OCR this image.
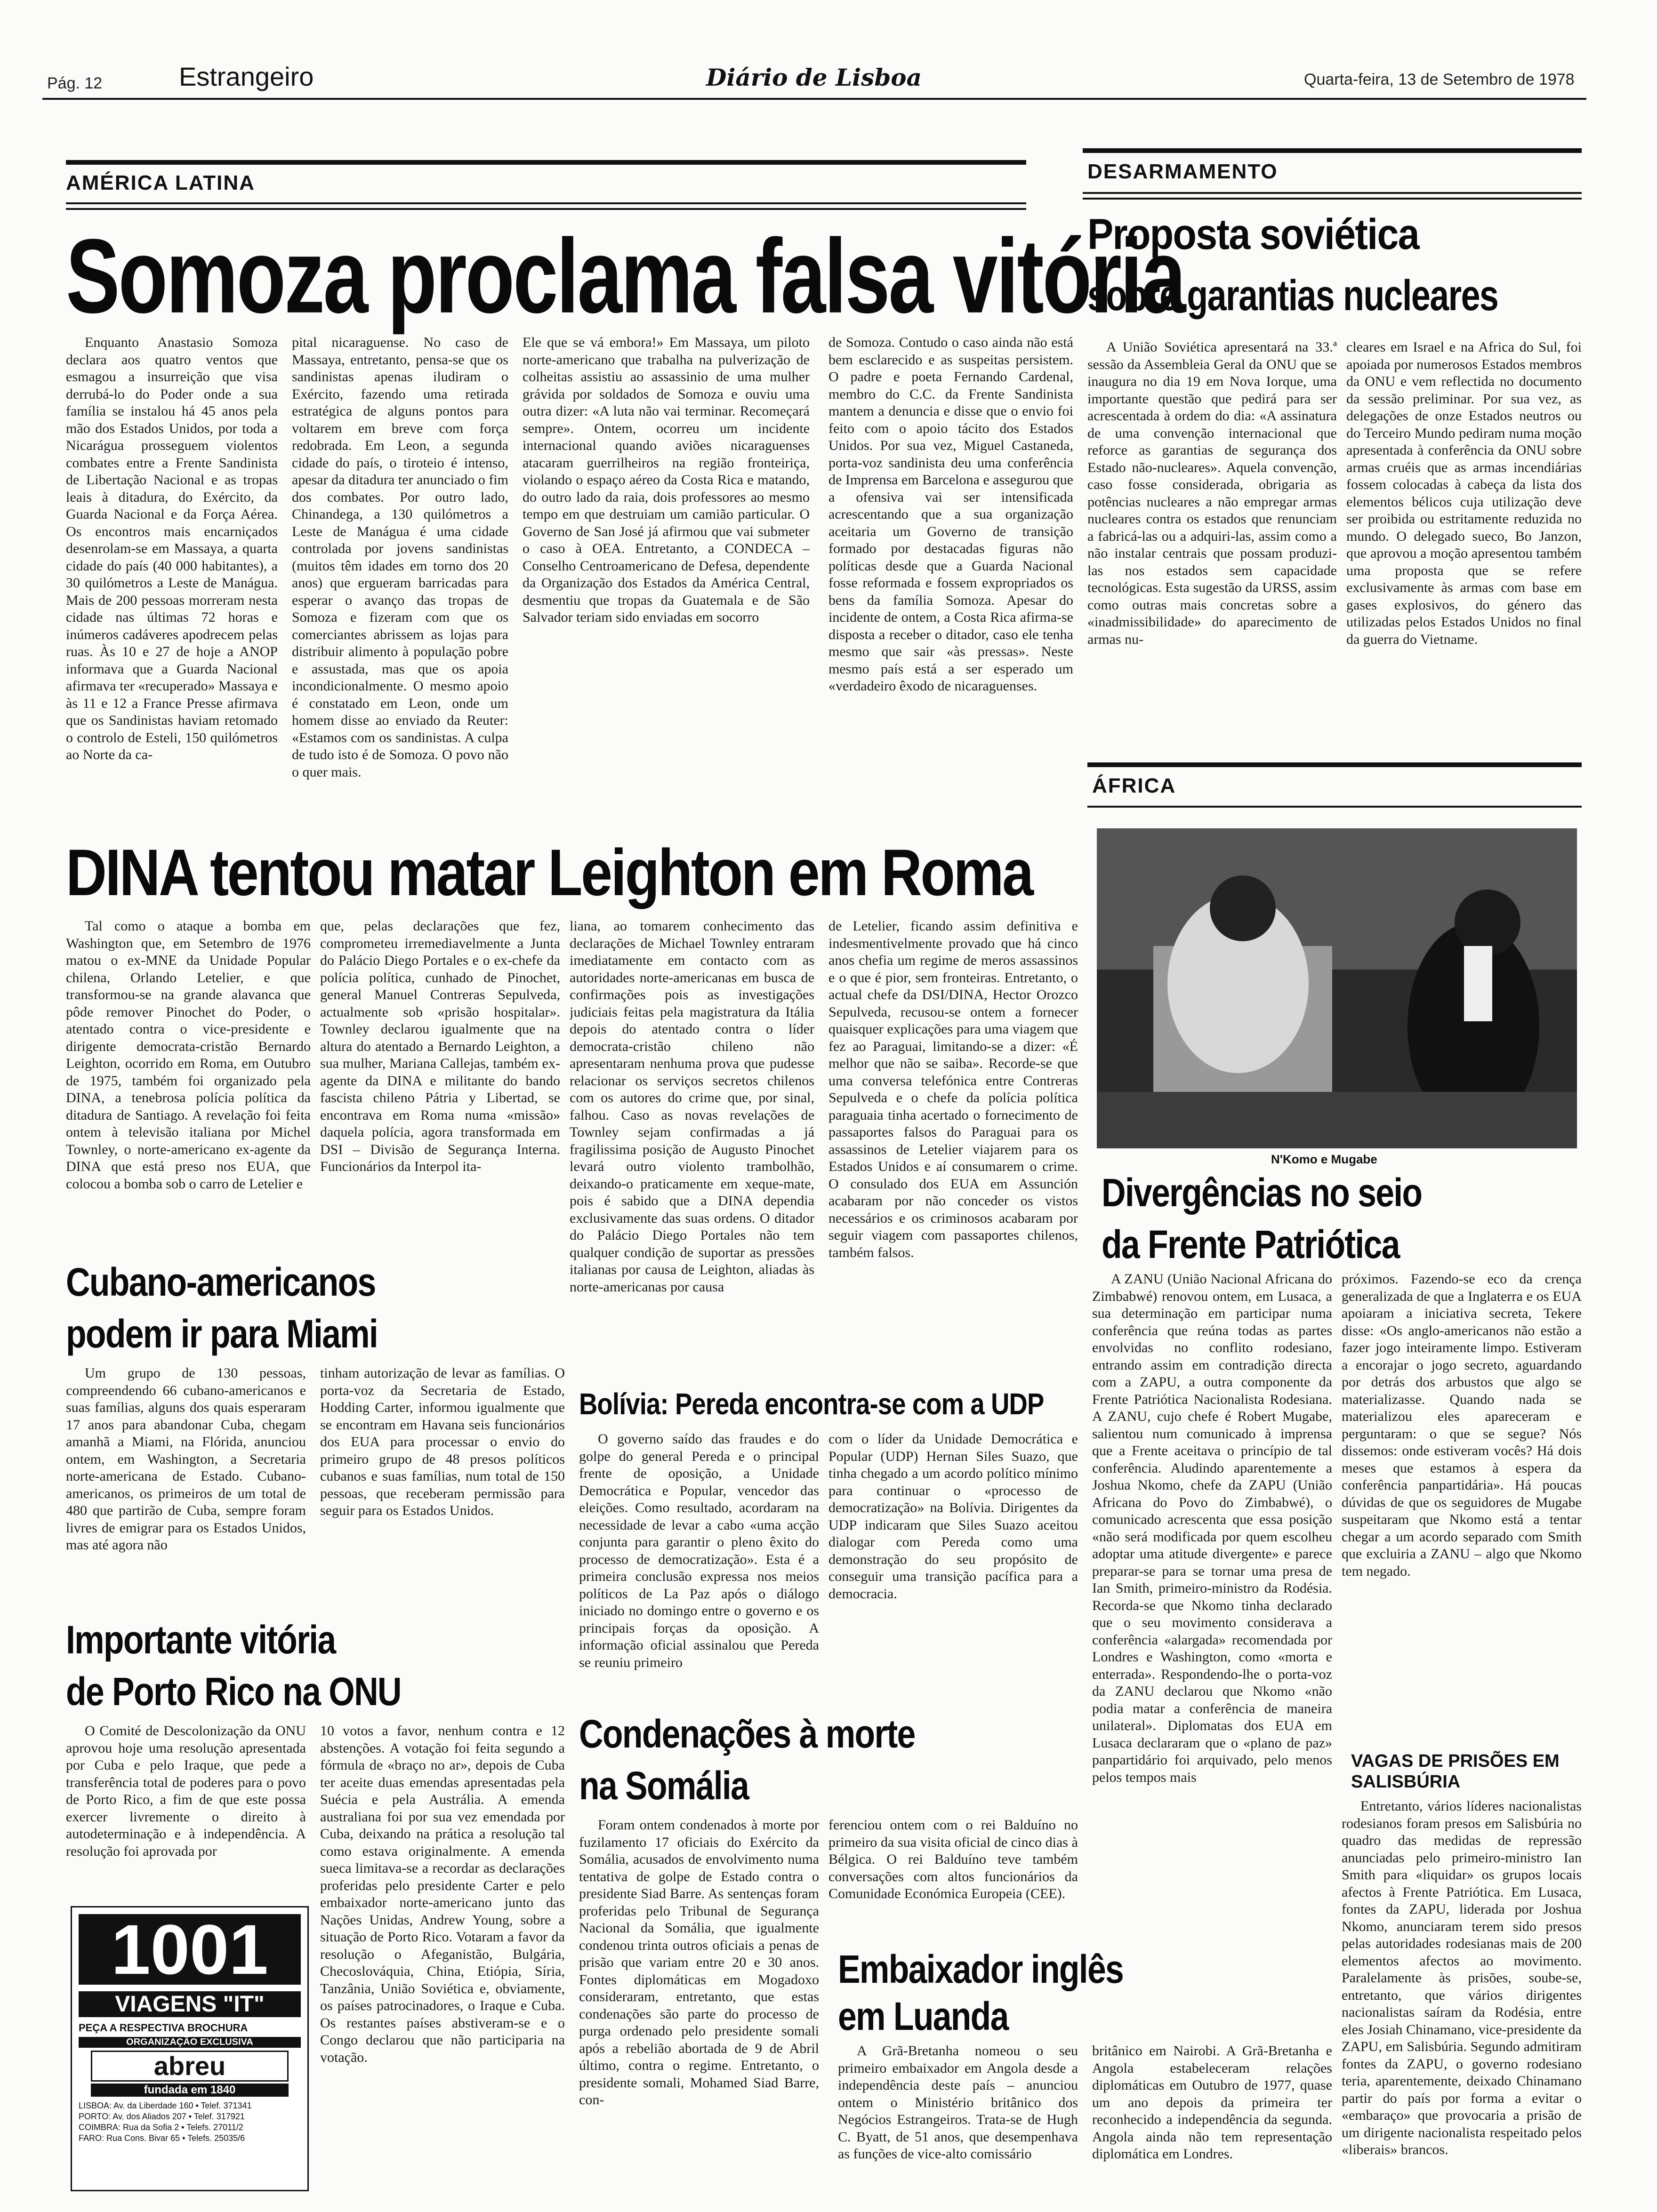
Pág. 12	Estrangeiro	Diário de Lisboa	Quarta-feira, 13 de Setembro de 1978
AMÉRICA LATINA
Somoza proclama falsa vitória

Enquanto Anastasio Somoza declara aos quatro ventos que esmagou a insurreição que visa derrubá-lo do Poder onde a sua família se instalou há 45 anos pela mão dos Estados Unidos, por toda a Nicarágua prosseguem violentos combates entre a Frente Sandinista de Libertação Nacional e as tropas leais à ditadura, do Exército, da Guarda Nacional e da Força Aérea. Os encontros mais encarniçados desenrolam-se em Massaya, a quarta cidade do país (40 000 habitantes), a 30 quilómetros a Leste de Manágua. Mais de 200 pessoas morreram nesta cidade nas últimas 72 horas e inúmeros cadáveres apodrecem pelas ruas. Às 10 e 27 de hoje a ANOP informava que a Guarda Nacional afirmava ter «recuperado» Massaya e às 11 e 12 a France Presse afirmava que os Sandinistas haviam retomado o controlo de Esteli, 150 quilómetros ao Norte da ca-

pital nicaraguense. No caso de Massaya, entretanto, pensa-se que os sandinistas apenas iludiram o Exército, fazendo uma retirada estratégica de alguns pontos para voltarem em breve com força redobrada. Em Leon, a segunda cidade do país, o tiroteio é intenso, apesar da ditadura ter anunciado o fim dos combates. Por outro lado, Chinandega, a 130 quilómetros a Leste de Manágua é uma cidade controlada por jovens sandinistas (muitos têm idades em torno dos 20 anos) que ergueram barricadas para esperar o avanço das tropas de Somoza e fizeram com que os comerciantes abrissem as lojas para distribuir alimento à população pobre e assustada, mas que os apoia incondicionalmente. O mesmo apoio é constatado em Leon, onde um homem disse ao enviado da Reuter: «Estamos com os sandinistas. A culpa de tudo isto é de Somoza. O povo não o quer mais.

Ele que se vá embora!» Em Massaya, um piloto norte-americano que trabalha na pulverização de colheitas assistiu ao assassinio de uma mulher grávida por soldados de Somoza e ouviu uma outra dizer: «A luta não vai terminar. Recomeçará sempre». Ontem, ocorreu um incidente internacional quando aviões nicaraguenses atacaram guerrilheiros na região fronteiriça, violando o espaço aéreo da Costa Rica e matando, do outro lado da raia, dois professores ao mesmo tempo em que destruiam um camião particular. O Governo de San José já afirmou que vai submeter o caso à OEA. Entretanto, a CONDECA – Conselho Centroamericano de Defesa, dependente da Organização dos Estados da América Central, desmentiu que tropas da Guatemala e de São Salvador teriam sido enviadas em socorro

de Somoza. Contudo o caso ainda não está bem esclarecido e as suspeitas persistem. O padre e poeta Fernando Cardenal, membro do C.C. da Frente Sandinista mantem a denuncia e disse que o envio foi feito com o apoio tácito dos Estados Unidos. Por sua vez, Miguel Castaneda, porta-voz sandinista deu uma conferência de Imprensa em Barcelona e assegurou que a ofensiva vai ser intensificada acrescentando que a sua organização aceitaria um Governo de transição formado por destacadas figuras não políticas desde que a Guarda Nacional fosse reformada e fossem expropriados os bens da família Somoza. Apesar do incidente de ontem, a Costa Rica afirma-se disposta a receber o ditador, caso ele tenha mesmo que sair «às pressas». Neste mesmo país está a ser esperado um «verdadeiro êxodo de nicaraguenses.

DESARMAMENTO
Proposta soviética
sobre garantias nucleares

A União Soviética apresentará na 33.ª sessão da Assembleia Geral da ONU que se inaugura no dia 19 em Nova Iorque, uma importante questão que pedirá para ser acrescentada à ordem do dia: «A assinatura de uma convenção internacional que reforce as garantias de segurança dos Estado não-nucleares». Aquela convenção, caso fosse considerada, obrigaria as potências nucleares a não empregar armas nucleares contra os estados que renunciam a fabricá-las ou a adquiri-las, assim como a não instalar centrais que possam produzi-las nos estados sem capacidade tecnológicas. Esta sugestão da URSS, assim como outras mais concretas sobre a «inadmissibilidade» do aparecimento de armas nu-

cleares em Israel e na Africa do Sul, foi apoiada por numerosos Estados membros da ONU e vem reflectida no documento da sessão preliminar. Por sua vez, as delegações de onze Estados neutros ou do Terceiro Mundo pediram numa moção apresentada à conferência da ONU sobre armas cruéis que as armas incendiárias fossem colocadas à cabeça da lista dos elementos bélicos cuja utilização deve ser proibida ou estritamente reduzida no mundo. O delegado sueco, Bo Janzon, que aprovou a moção apresentou também uma proposta que se refere exclusivamente às armas com base em gases explosivos, do género das utilizadas pelos Estados Unidos no final da guerra do Vietname.

ÁFRICA
N'Komo e Mugabe
Divergências no seio
da Frente Patriótica
DINA tentou matar Leighton em Roma

Tal como o ataque a bomba em Washington que, em Setembro de 1976 matou o ex-MNE da Unidade Popular chilena, Orlando Letelier, e que transformou-se na grande alavanca que pôde remover Pinochet do Poder, o atentado contra o vice-presidente e dirigente democrata-cristão Bernardo Leighton, ocorrido em Roma, em Outubro de 1975, também foi organizado pela DINA, a tenebrosa polícia política da ditadura de Santiago. A revelação foi feita ontem à televisão italiana por Michel Townley, o norte-americano ex-agente da DINA que está preso nos EUA, que colocou a bomba sob o carro de Letelier e

que, pelas declarações que fez, comprometeu irremediavelmente a Junta do Palácio Diego Portales e o ex-chefe da polícia política, cunhado de Pinochet, general Manuel Contreras Sepulveda, actualmente sob «prisão hospitalar». Townley declarou igualmente que na altura do atentado a Bernardo Leighton, a sua mulher, Mariana Callejas, também ex-agente da DINA e militante do bando fascista chileno Pátria y Libertad, se encontrava em Roma numa «missão» daquela polícia, agora transformada em DSI – Divisão de Segurança Interna. Funcionários da Interpol ita-

liana, ao tomarem conhecimento das declarações de Michael Townley entraram imediatamente em contacto com as autoridades norte-americanas em busca de confirmações pois as investigações judiciais feitas pela magistratura da Itália depois do atentado contra o líder democrata-cristão chileno não apresentaram nenhuma prova que pudesse relacionar os serviços secretos chilenos com os autores do crime que, por sinal, falhou. Caso as novas revelações de Townley sejam confirmadas a já fragilissima posição de Augusto Pinochet levará outro violento trambolhão, deixando-o praticamente em xeque-mate, pois é sabido que a DINA dependia exclusivamente das suas ordens. O ditador do Palácio Diego Portales não tem qualquer condição de suportar as pressões italianas por causa de Leighton, aliadas às norte-americanas por causa

de Letelier, ficando assim definitiva e indesmentivelmente provado que há cinco anos chefia um regime de meros assassinos e o que é pior, sem fronteiras. Entretanto, o actual chefe da DSI/DINA, Hector Orozco Sepulveda, recusou-se ontem a fornecer quaisquer explicações para uma viagem que fez ao Paraguai, limitando-se a dizer: «É melhor que não se saiba». Recorde-se que uma conversa telefónica entre Contreras Sepulveda e o chefe da polícia política paraguaia tinha acertado o fornecimento de passaportes falsos do Paraguai para os assassinos de Letelier viajarem para os Estados Unidos e aí consumarem o crime. O consulado dos EUA em Assunción acabaram por não conceder os vistos necessários e os criminosos acabaram por seguir viagem com passaportes chilenos, também falsos.

Cubano-americanos
podem ir para Miami

Um grupo de 130 pessoas, compreendendo 66 cubano-americanos e suas famílias, alguns dos quais esperaram 17 anos para abandonar Cuba, chegam amanhã a Miami, na Flórida, anunciou ontem, em Washington, a Secretaria norte-americana de Estado. Cubano-americanos, os primeiros de um total de 480 que partirão de Cuba, sempre foram livres de emigrar para os Estados Unidos, mas até agora não

tinham autorização de levar as famílias. O porta-voz da Secretaria de Estado, Hodding Carter, informou igualmente que se encontram em Havana seis funcionários dos EUA para processar o envio do primeiro grupo de 48 presos políticos cubanos e suas famílias, num total de 150 pessoas, que receberam permissão para seguir para os Estados Unidos.

Bolívia: Pereda encontra-se com a UDP

O governo saído das fraudes e do golpe do general Pereda e o principal frente de oposição, a Unidade Democrática e Popular, vencedor das eleições. Como resultado, acordaram na necessidade de levar a cabo «uma acção conjunta para garantir o pleno êxito do processo de democratização». Esta é a primeira conclusão expressa nos meios políticos de La Paz após o diálogo iniciado no domingo entre o governo e os principais forças da oposição. A informação oficial assinalou que Pereda se reuniu primeiro

com o líder da Unidade Democrática e Popular (UDP) Hernan Siles Suazo, que tinha chegado a um acordo político mínimo para continuar o «processo de democratização» na Bolívia. Dirigentes da UDP indicaram que Siles Suazo aceitou dialogar com Pereda como uma demonstração do seu propósito de conseguir uma transição pacífica para a democracia.

A ZANU (União Nacional Africana do Zimbabwé) renovou ontem, em Lusaca, a sua determinação em participar numa conferência que reúna todas as partes envolvidas no conflito rodesiano, entrando assim em contradição directa com a ZAPU, a outra componente da Frente Patriótica Nacionalista Rodesiana. A ZANU, cujo chefe é Robert Mugabe, salientou num comunicado à imprensa que a Frente aceitava o princípio de tal conferência. Aludindo aparentemente a Joshua Nkomo, chefe da ZAPU (União Africana do Povo do Zimbabwé), o comunicado acrescenta que essa posição «não será modificada por quem escolheu adoptar uma atitude divergente» e parece preparar-se para se tornar uma presa de Ian Smith, primeiro-ministro da Rodésia. Recorda-se que Nkomo tinha declarado que o seu movimento considerava a conferência «alargada» recomendada por Londres e Washington, como «morta e enterrada». Respondendo-lhe o porta-voz da ZANU declarou que Nkomo «não podia matar a conferência de maneira unilateral». Diplomatas dos EUA em Lusaca declararam que o «plano de paz» panpartidário foi arquivado, pelo menos pelos tempos mais

próximos. Fazendo-se eco da crença generalizada de que a Inglaterra e os EUA apoiaram a iniciativa secreta, Tekere disse: «Os anglo-americanos não estão a fazer jogo inteiramente limpo. Estiveram a encorajar o jogo secreto, aguardando por detrás dos arbustos que algo se materializasse. Quando nada se materializou eles apareceram e perguntaram: o que se segue? Nós dissemos: onde estiveram vocês? Há dois meses que estamos à espera da conferência panpartidária». Há poucas dúvidas de que os seguidores de Mugabe suspeitaram que Nkomo está a tentar chegar a um acordo separado com Smith que excluiria a ZANU – algo que Nkomo tem negado.

VAGAS DE PRISÕES EM SALISBÚRIA

Entretanto, vários líderes nacionalistas rodesianos foram presos em Salisbúria no quadro das medidas de repressão anunciadas pelo primeiro-ministro Ian Smith para «liquidar» os grupos locais afectos à Frente Patriótica. Em Lusaca, fontes da ZAPU, liderada por Joshua Nkomo, anunciaram terem sido presos pelas autoridades rodesianas mais de 200 elementos afectos ao movimento. Paralelamente às prisões, soube-se, entretanto, que vários dirigentes nacionalistas saíram da Rodésia, entre eles Josiah Chinamano, vice-presidente da ZAPU, em Salisbúria. Segundo admitiram fontes da ZAPU, o governo rodesiano teria, aparentemente, deixado Chinamano partir do país por forma a evitar o «embaraço» que provocaria a prisão de um dirigente nacionalista respeitado pelos «liberais» brancos.

Importante vitória
de Porto Rico na ONU

O Comité de Descolonização da ONU aprovou hoje uma resolução apresentada por Cuba e pelo Iraque, que pede a transferência total de poderes para o povo de Porto Rico, a fim de que este possa exercer livremente o direito à autodeterminação e à independência. A resolução foi aprovada por

10 votos a favor, nenhum contra e 12 abstenções. A votação foi feita segundo a fórmula de «braço no ar», depois de Cuba ter aceite duas emendas apresentadas pela Suécia e pela Austrália. A emenda australiana foi por sua vez emendada por Cuba, deixando na prática a resolução tal como estava originalmente. A emenda sueca limitava-se a recordar as declarações proferidas pelo presidente Carter e pelo embaixador norte-americano junto das Nações Unidas, Andrew Young, sobre a situação de Porto Rico. Votaram a favor da resolução o Afeganistão, Bulgária, Checoslováquia, China, Etiópia, Síria, Tanzânia, União Soviética e, obviamente, os países patrocinadores, o Iraque e Cuba. Os restantes países abstiveram-se e o Congo declarou que não participaria na votação.

Condenações à morte
na Somália

Foram ontem condenados à morte por fuzilamento 17 oficiais do Exército da Somália, acusados de envolvimento numa tentativa de golpe de Estado contra o presidente Siad Barre. As sentenças foram proferidas pelo Tribunal de Segurança Nacional da Somália, que igualmente condenou trinta outros oficiais a penas de prisão que variam entre 20 e 30 anos. Fontes diplomáticas em Mogadoxo consideraram, entretanto, que estas condenações são parte do processo de purga ordenado pelo presidente somali após a rebelião abortada de 9 de Abril último, contra o regime. Entretanto, o presidente somali, Mohamed Siad Barre, con-

ferenciou ontem com o rei Balduíno no primeiro da sua visita oficial de cinco dias à Bélgica. O rei Balduíno teve também conversações com altos funcionários da Comunidade Económica Europeia (CEE).

Embaixador inglês
em Luanda

A Grã-Bretanha nomeou o seu primeiro embaixador em Angola desde a independência deste país – anunciou ontem o Ministério britânico dos Negócios Estrangeiros. Trata-se de Hugh C. Byatt, de 51 anos, que desempenhava as funções de vice-alto comissário

britânico em Nairobi. A Grã-Bretanha e Angola estabeleceram relações diplomáticas em Outubro de 1977, quase um ano depois da primeira ter reconhecido a independência da segunda. Angola ainda não tem representação diplomática em Londres.

1001
VIAGENS "IT"
PEÇA A RESPECTIVA BROCHURA
ORGANIZAÇÃO EXCLUSIVA
abreu
fundada em 1840
LISBOA: Av. da Liberdade 160 • Telef. 371341
PORTO: Av. dos Aliados 207 • Telef. 317921
COIMBRA: Rua da Sofia 2 • Telefs. 27011/2
FARO: Rua Cons. Bivar 65 • Telefs. 25035/6
